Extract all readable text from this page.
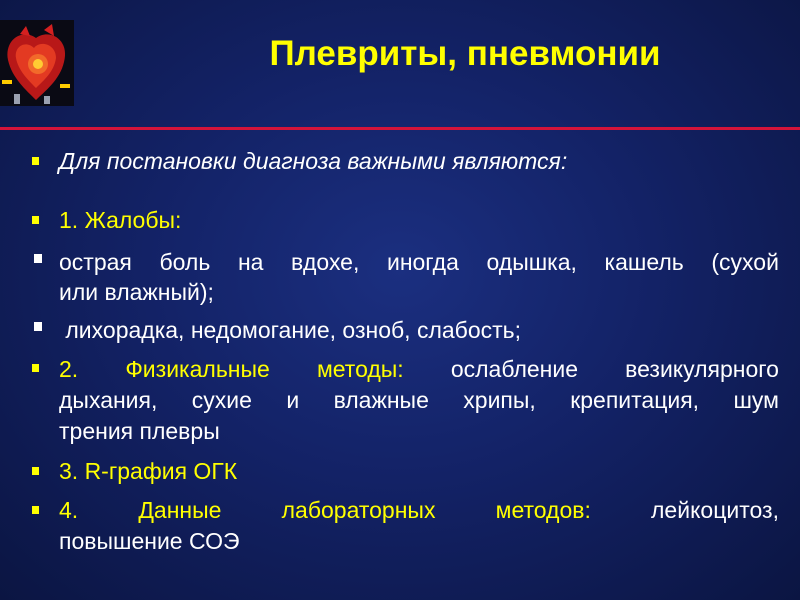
Плевриты, пневмонии
Для постановки диагноза важными являются:
1. Жалобы:
острая боль на вдохе, иногда одышка, кашель (сухой
или влажный);
лихорадка, недомогание, озноб, слабость;
2. Физикальные методы: ослабление везикулярного
дыхания, сухие и влажные хрипы, крепитация, шум
трения плевры
3. R-графия ОГК
4.	Данные	лабораторных	методов:	лейкоцитоз,
повышение СОЭ
